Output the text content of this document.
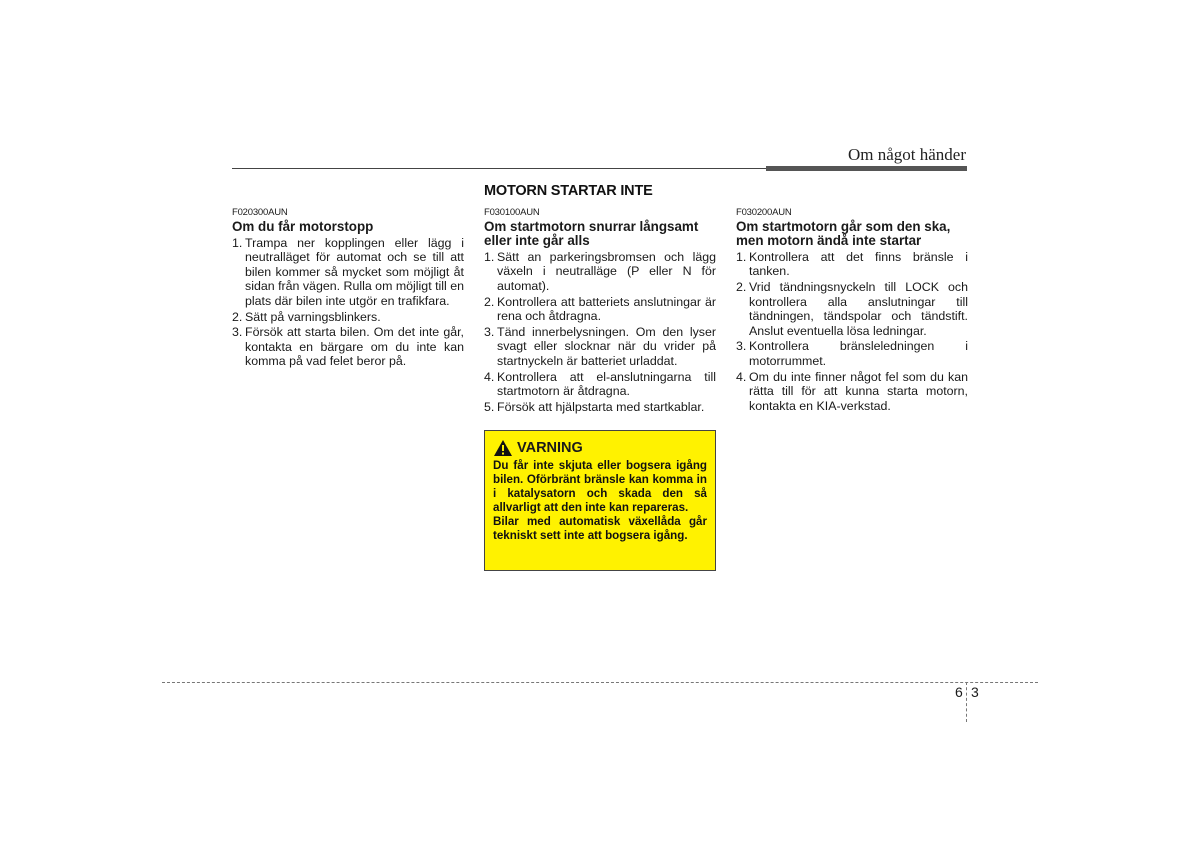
Om något händer
MOTORN STARTAR INTE
F020300AUN
Om du får motorstopp
1. Trampa ner kopplingen eller lägg i neutralläget för automat och se till att bilen kommer så mycket som möjligt åt sidan från vägen. Rulla om möjligt till en plats där bilen inte utgör en trafikfara.
2. Sätt på varningsblinkers.
3. Försök att starta bilen. Om det inte går, kontakta en bärgare om du inte kan komma på vad felet beror på.
F030100AUN
Om startmotorn snurrar långsamt eller inte går alls
1. Sätt an parkeringsbromsen och lägg växeln i neutralläge (P eller N för automat).
2. Kontrollera att batteriets anslutningar är rena och åtdragna.
3. Tänd innerbelysningen. Om den lyser svagt eller slocknar när du vrider på startnyckeln är batteriet urladdat.
4. Kontrollera att el-anslutningarna till startmotorn är åtdragna.
5. Försök att hjälpstarta med startkablar.
F030200AUN
Om startmotorn går som den ska, men motorn ändå inte startar
1. Kontrollera att det finns bränsle i tanken.
2. Vrid tändningsnyckeln till LOCK och kontrollera alla anslutningar till tändningen, tändspolar och tändstift. Anslut eventuella lösa ledningar.
3. Kontrollera bränsleledningen i motorrummet.
4. Om du inte finner något fel som du kan rätta till för att kunna starta motorn, kontakta en KIA-verkstad.
VARNING
Du får inte skjuta eller bogsera igång bilen. Oförbränt bränsle kan komma in i katalysatorn och skada den så allvarligt att den inte kan repareras.
Bilar med automatisk växellåda går tekniskt sett inte att bogsera igång.
6 3
